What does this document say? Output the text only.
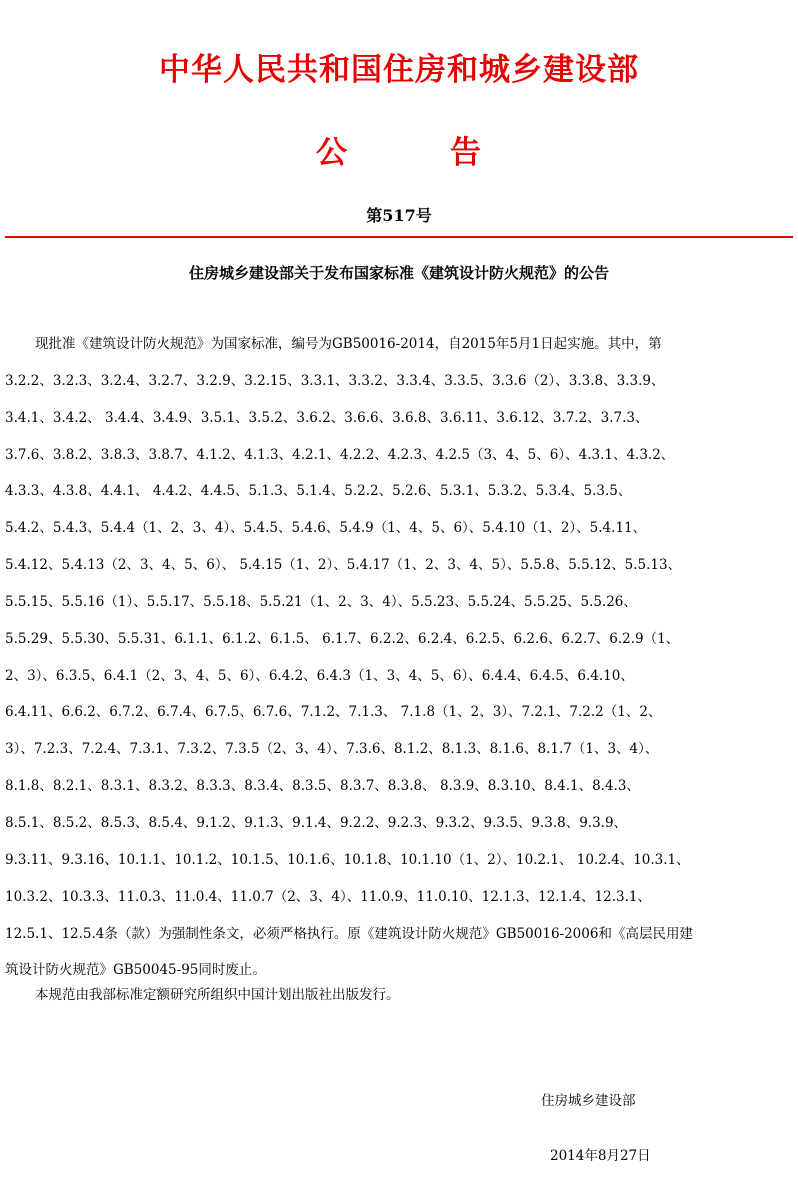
中华人民共和国住房和城乡建设部
公	告
第517号
住房城乡建设部关于发布国家标准《建筑设计防火规范》的公告
现批准《建筑设计防火规范》为国家标准，编号为GB50016-2014，自2015年5月1日起实施。其中，第
3.2.2、3.2.3、3.2.4、3.2.7、3.2.9、3.2.15、3.3.1、3.3.2、3.3.4、3.3.5、3.3.6（2）、3.3.8、3.3.9、
3.4.1、3.4.2、 3.4.4、3.4.9、3.5.1、3.5.2、3.6.2、3.6.6、3.6.8、3.6.11、3.6.12、3.7.2、3.7.3、
3.7.6、3.8.2、3.8.3、3.8.7、4.1.2、4.1.3、4.2.1、4.2.2、4.2.3、4.2.5（3、4、5、6）、4.3.1、4.3.2、
4.3.3、4.3.8、4.4.1、 4.4.2、4.4.5、5.1.3、5.1.4、5.2.2、5.2.6、5.3.1、5.3.2、5.3.4、5.3.5、
5.4.2、5.4.3、5.4.4（1、2、3、4）、5.4.5、5.4.6、5.4.9（1、4、5、6）、5.4.10（1、2）、5.4.11、
5.4.12、5.4.13（2、3、4、5、6）、 5.4.15（1、2）、5.4.17（1、2、3、4、5）、5.5.8、5.5.12、5.5.13、
5.5.15、5.5.16（1）、5.5.17、5.5.18、5.5.21（1、2、3、4）、5.5.23、5.5.24、5.5.25、5.5.26、
5.5.29、5.5.30、5.5.31、6.1.1、6.1.2、6.1.5、 6.1.7、6.2.2、6.2.4、6.2.5、6.2.6、6.2.7、6.2.9（1、
2、3）、6.3.5、6.4.1（2、3、4、5、6）、6.4.2、6.4.3（1、3、4、5、6）、6.4.4、6.4.5、6.4.10、
6.4.11、6.6.2、6.7.2、6.7.4、6.7.5、6.7.6、7.1.2、7.1.3、 7.1.8（1、2、3）、7.2.1、7.2.2（1、2、
3）、7.2.3、7.2.4、7.3.1、7.3.2、7.3.5（2、3、4）、7.3.6、8.1.2、8.1.3、8.1.6、8.1.7（1、3、4）、
8.1.8、8.2.1、8.3.1、8.3.2、8.3.3、8.3.4、8.3.5、8.3.7、8.3.8、 8.3.9、8.3.10、8.4.1、8.4.3、
8.5.1、8.5.2、8.5.3、8.5.4、9.1.2、9.1.3、9.1.4、9.2.2、9.2.3、9.3.2、9.3.5、9.3.8、9.3.9、
9.3.11、9.3.16、10.1.1、10.1.2、10.1.5、10.1.6、10.1.8、10.1.10（1、2）、10.2.1、 10.2.4、10.3.1、
10.3.2、10.3.3、11.0.3、11.0.4、11.0.7（2、3、4）、11.0.9、11.0.10、12.1.3、12.1.4、12.3.1、
12.5.1、12.5.4条（款）为强制性条文，必须严格执行。原《建筑设计防火规范》GB50016-2006和《高层民用建
筑设计防火规范》GB50045-95同时废止。
本规范由我部标准定额研究所组织中国计划出版社出版发行。
住房城乡建设部
2014年8月27日
